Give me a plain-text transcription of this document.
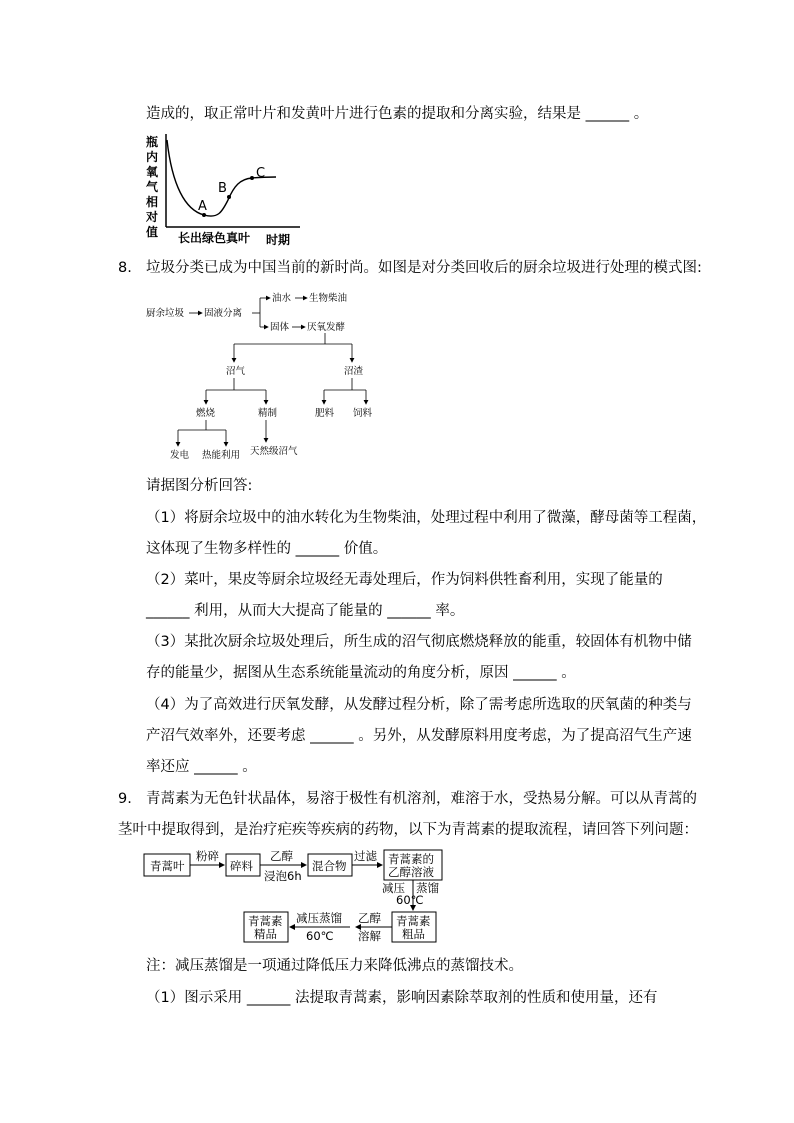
造成的，取正常叶片和发黄叶片进行色素的提取和分离实验，结果是 ______ 。
瓶
内
氧
气
相
对
值
A
B
C
长出绿色真叶 时期
8. 垃圾分类已成为中国当前的新时尚。如图是对分类回收后的厨余垃圾进行处理的模式图:
厨余垃圾 固液分离
油水 生物柴油
固体 厌氧发酵
沼气	沼渣
燃烧	精制	肥料 饲料
发电 热能利用 天然级沼气
请据图分析回答:
（1）将厨余垃圾中的油水转化为生物柴油，处理过程中利用了微藻，酵母菌等工程菌，
这体现了生物多样性的 ______ 价值。
（2）菜叶，果皮等厨余垃圾经无毒处理后，作为饲料供牲畜利用，实现了能量的
______ 利用，从而大大提高了能量的 ______ 率。
（3）某批次厨余垃圾处理后，所生成的沼气彻底燃烧释放的能重，较固体有机物中储
存的能量少，据图从生态系统能量流动的角度分析，原因 ______ 。
（4）为了高效进行厌氧发酵，从发酵过程分析，除了需考虑所选取的厌氧菌的种类与
产沼气效率外，还要考虑 ______ 。另外，从发酵原料用度考虑，为了提高沼气生产速
率还应 ______ 。
9. 青蒿素为无色针状晶体，易溶于极性有机溶剂，难溶于水，受热易分解。可以从青蒿的
茎叶中提取得到，是治疗疟疾等疾病的药物，以下为青蒿素的提取流程，请回答下列问题：
青蒿叶
粉碎
碎料
乙醇
浸泡6h
混合物
过滤 青蒿素的
乙醇溶液
减压 蒸馏
60℃
青蒿素
粗品
乙醇
溶解
减压蒸馏
60℃
青蒿素
精品
注：减压蒸馏是一项通过降低压力来降低沸点的蒸馏技术。
（1）图示采用 ______ 法提取青蒿素，影响因素除萃取剂的性质和使用量，还有
